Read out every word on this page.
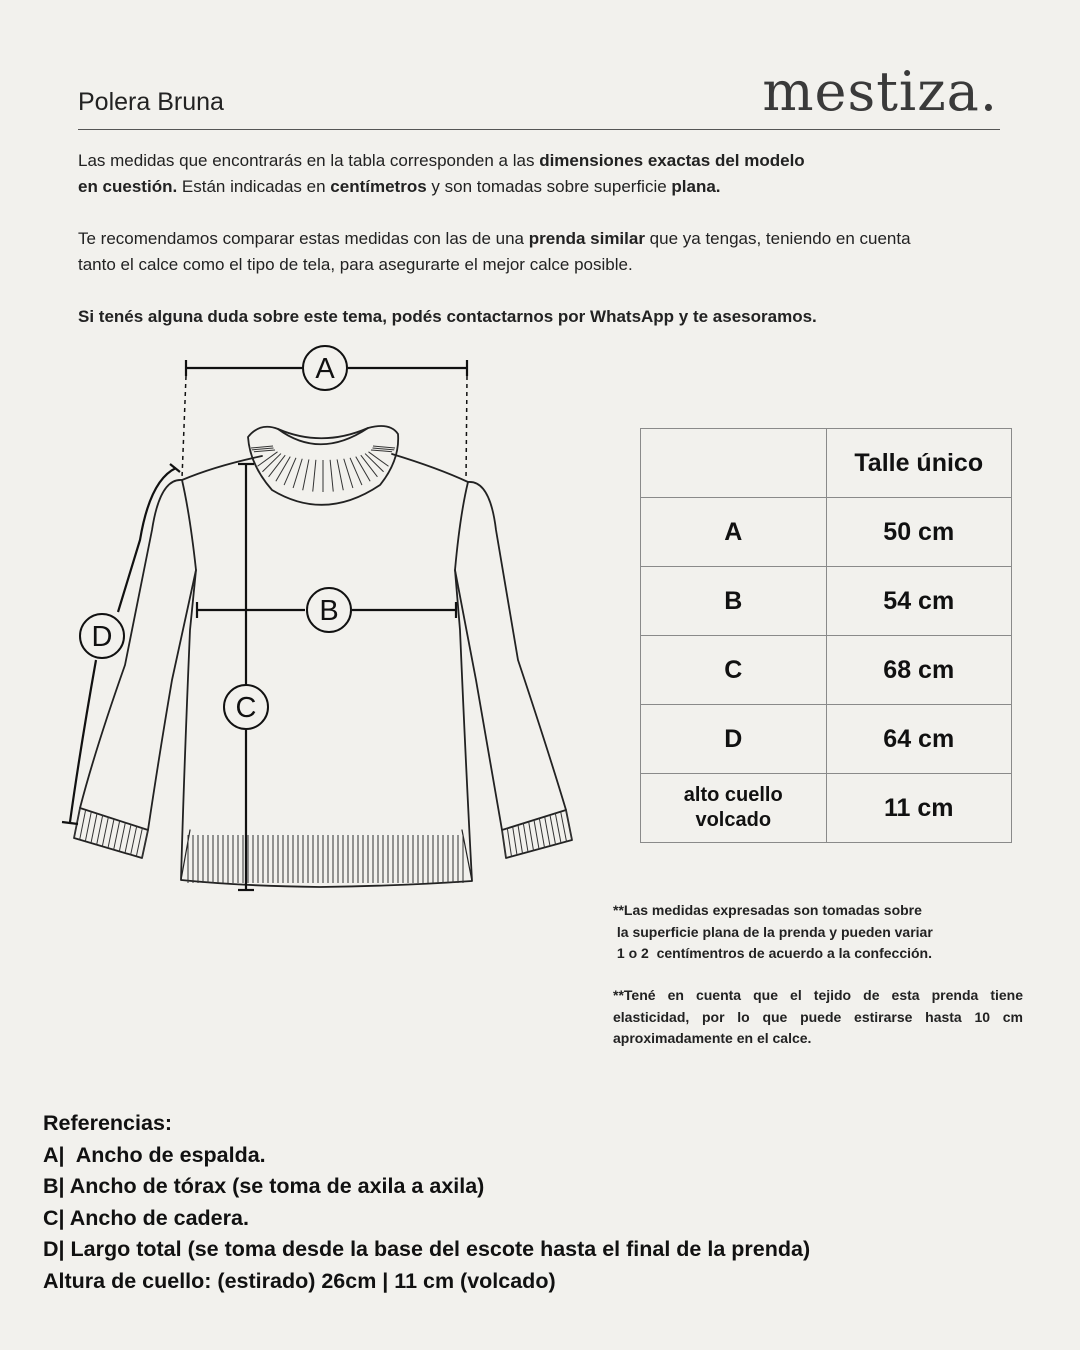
Polera Bruna	mestiza.
Las medidas que encontrarás en la tabla corresponden a las dimensiones exactas del modelo
en cuestión. Están indicadas en centímetros y son tomadas sobre superficie plana.
Te recomendamos comparar estas medidas con las de una prenda similar que ya tengas, teniendo en cuenta
tanto el calce como el tipo de tela, para asegurarte el mejor calce posible.
Si tenés alguna duda sobre este tema, podés contactarnos por WhatsApp y te asesoramos.
A
B
C
D
	Talle único
A	50 cm
B	54 cm
C	68 cm
D	64 cm
alto cuello volcado	11 cm
**Las medidas expresadas son tomadas sobre
la superficie plana de la prenda y pueden variar
1 o 2  centímentros de acuerdo a la confección.
**Tené en cuenta que el tejido de esta prenda tiene elasticidad, por lo que puede estirarse hasta 10 cm aproximadamente en el calce.
Referencias:
A|  Ancho de espalda.
B| Ancho de tórax (se toma de axila a axila)
C| Ancho de cadera.
D| Largo total (se toma desde la base del escote hasta el final de la prenda)
Altura de cuello: (estirado) 26cm | 11 cm (volcado)
